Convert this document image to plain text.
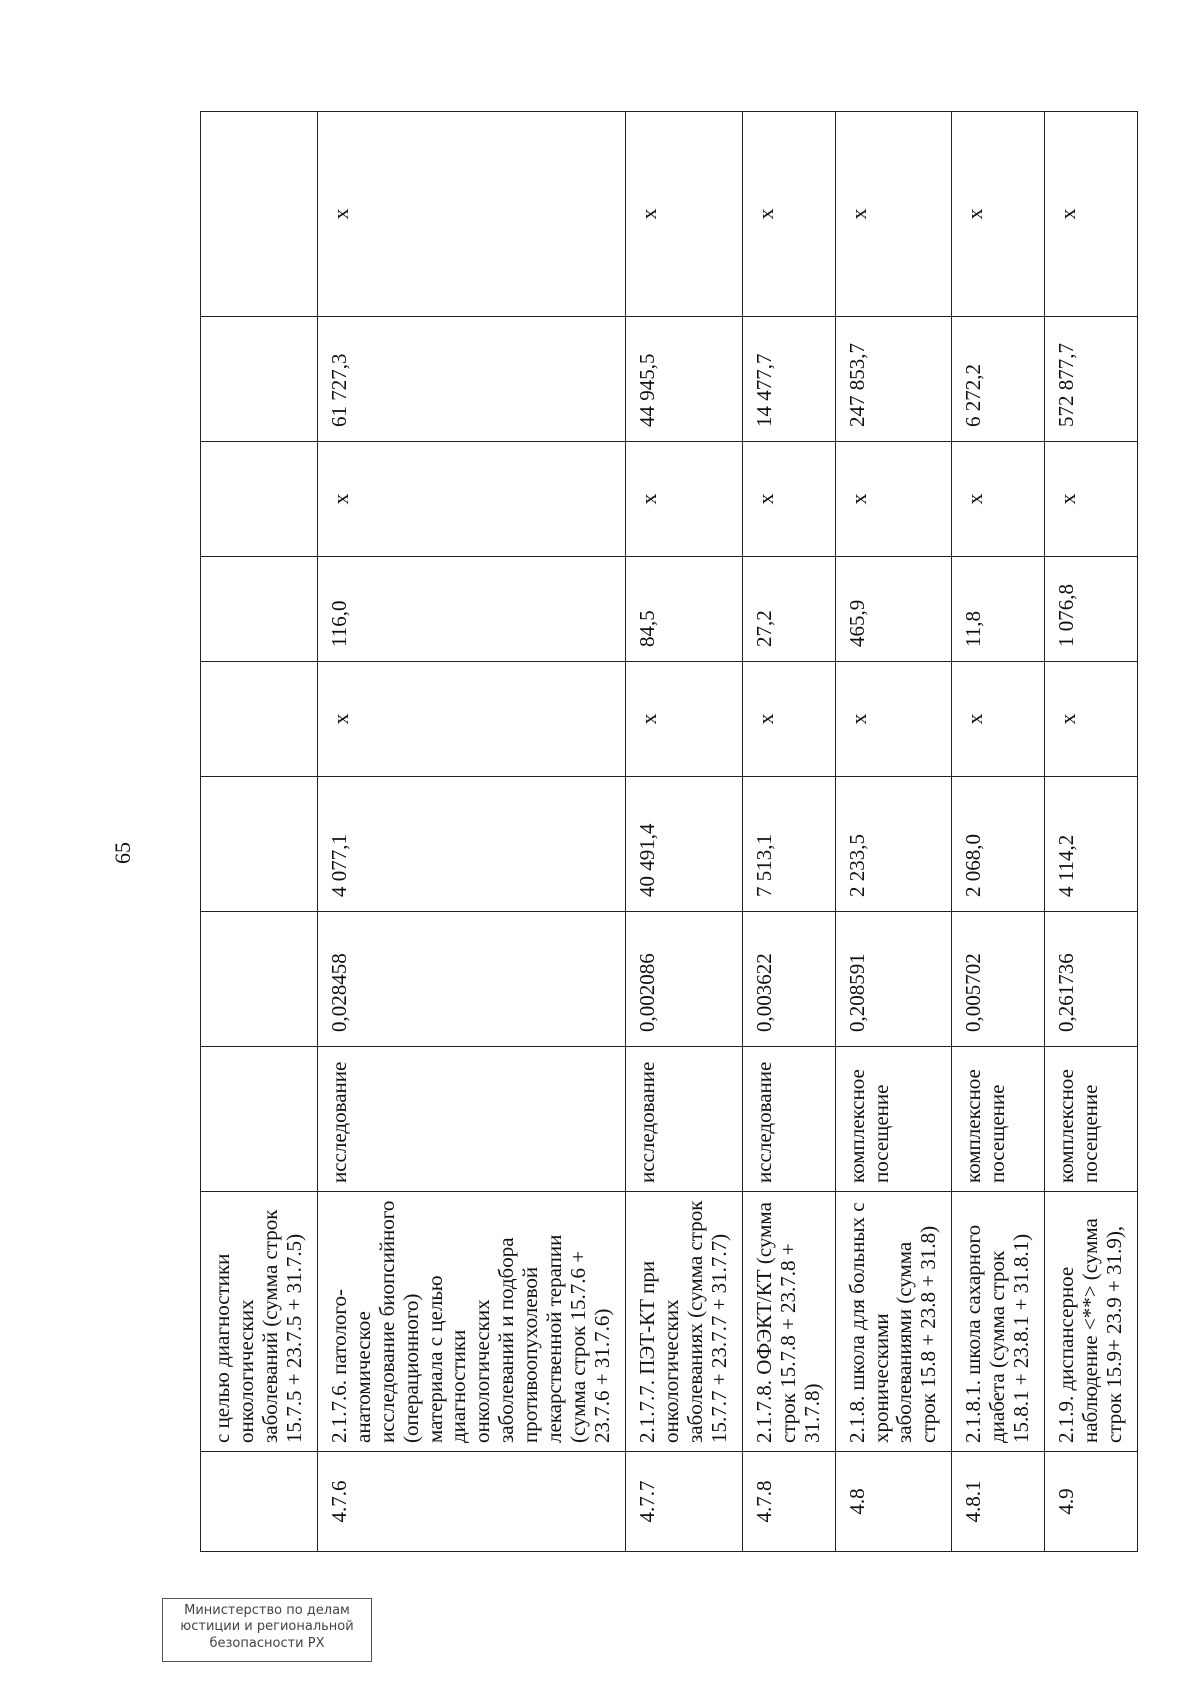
65
	с целью диагностики онкологических заболеваний (сумма строк 15.7.5 + 23.7.5 + 31.7.5)								
4.7.6	2.1.7.6. патолого-анатомическое исследование биопсийного (операционного) материала с целью диагностики онкологических заболеваний и подбора противоопухолевой лекарственной терапии (сумма строк 15.7.6 + 23.7.6 + 31.7.6)	исследование	0,028458	4 077,1	x	116,0	x	61 727,3	x
4.7.7	2.1.7.7. ПЭТ-КТ при онкологических заболеваниях (сумма строк 15.7.7 + 23.7.7 + 31.7.7)	исследование	0,002086	40 491,4	x	84,5	x	44 945,5	x
4.7.8	2.1.7.8. ОФЭКТ/КТ (сумма строк 15.7.8 + 23.7.8 + 31.7.8)	исследование	0,003622	7 513,1	x	27,2	x	14 477,7	x
4.8	2.1.8. школа для больных с хроническими заболеваниями (сумма строк 15.8 + 23.8 + 31.8)	комплексное посещение	0,208591	2 233,5	x	465,9	x	247 853,7	x
4.8.1	2.1.8.1. школа сахарного диабета (сумма строк 15.8.1 + 23.8.1 + 31.8.1)	комплексное посещение	0,005702	2 068,0	x	11,8	x	6 272,2	x
4.9	2.1.9. диспансерное наблюдение <**> (сумма строк 15.9+ 23.9 + 31.9),	комплексное посещение	0,261736	4 114,2	x	1 076,8	x	572 877,7	x
Министерство по делам
юстиции и региональной
безопасности РХ
